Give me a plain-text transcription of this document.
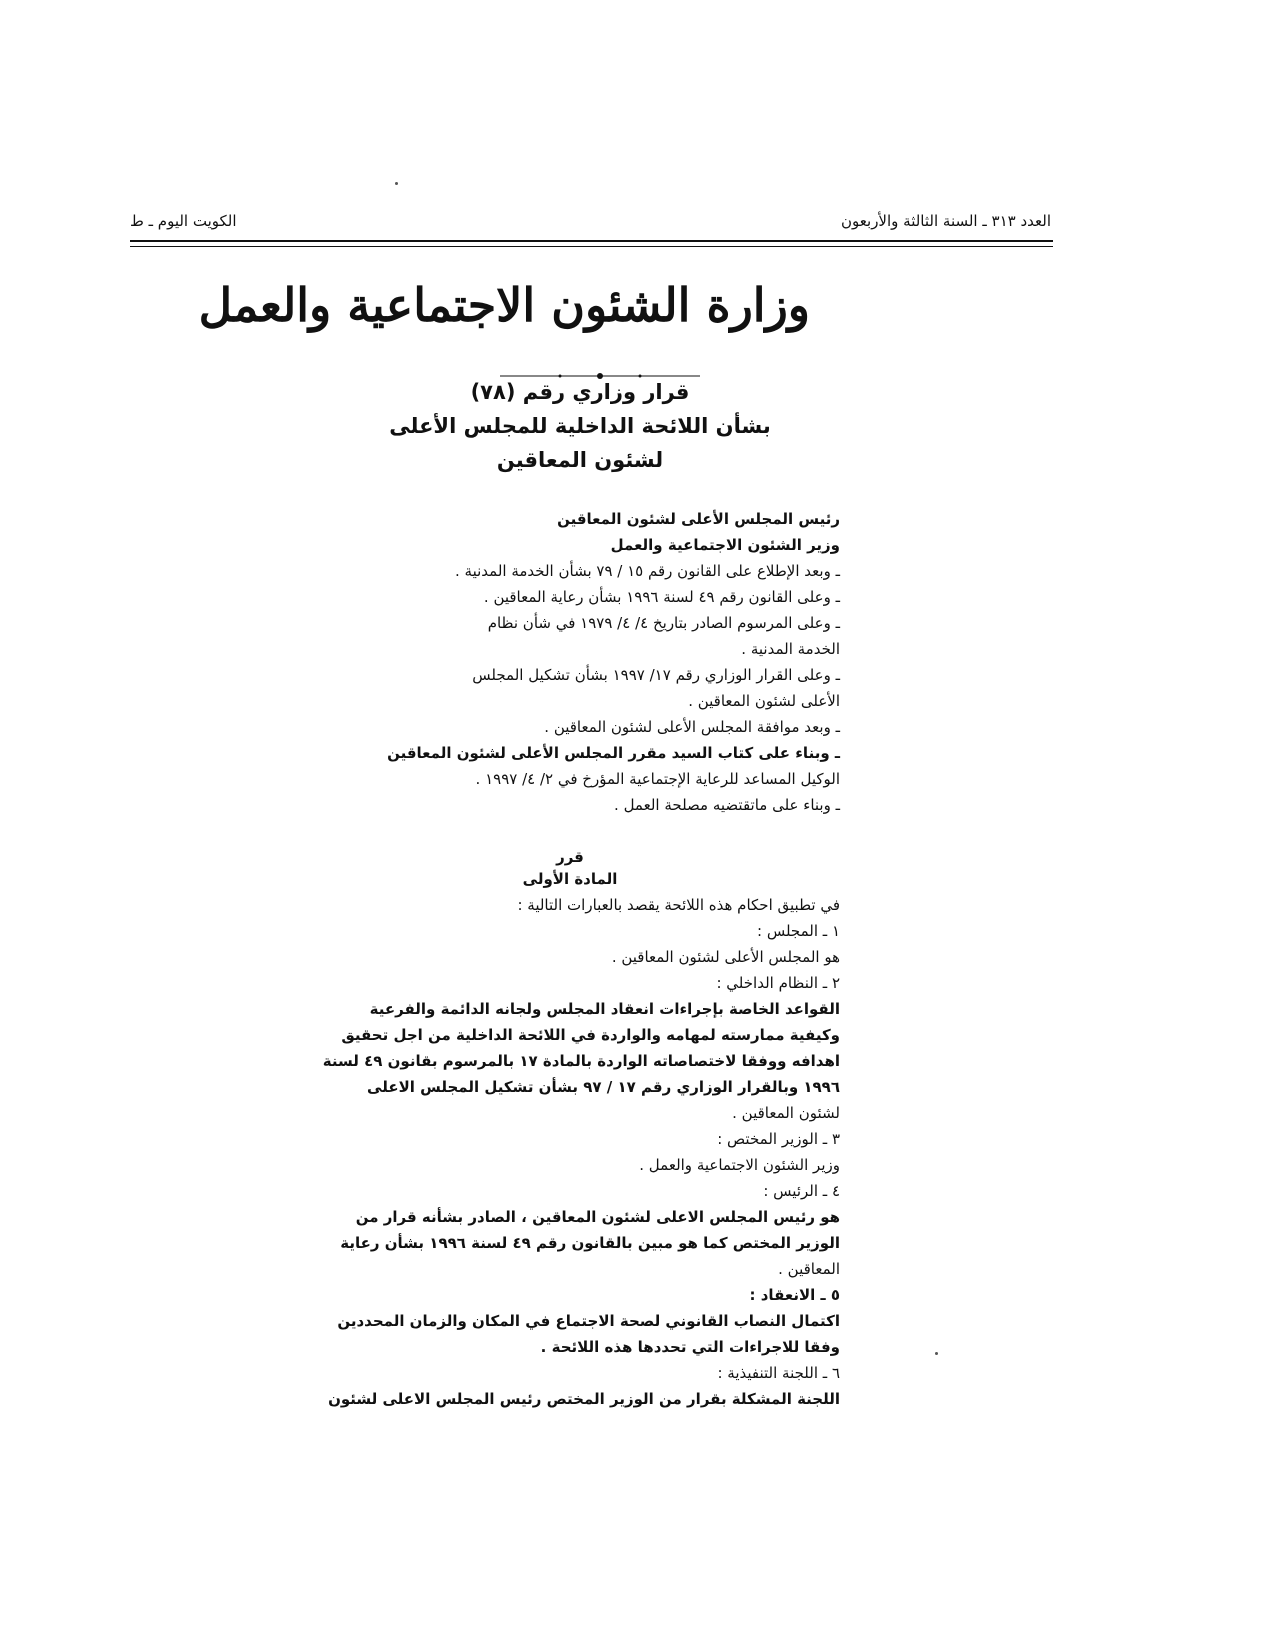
العدد ٣١٣ ـ السنة الثالثة والأربعون
الكويت اليوم ـ ط
وزارة الشئون الاجتماعية والعمل
قرار وزاري رقم (٧٨)
بشأن اللائحة الداخلية للمجلس الأعلى
لشئون المعاقين
رئيس المجلس الأعلى لشئون المعاقين
وزير الشئون الاجتماعية والعمل
ـ وبعد الإطلاع على القانون رقم ١٥ / ٧٩ بشأن الخدمة المدنية .
ـ وعلى القانون رقم ٤٩ لسنة ١٩٩٦ بشأن رعاية المعاقين .
ـ وعلى المرسوم الصادر بتاريخ ٤/ ٤/ ١٩٧٩ في شأن نظام
الخدمة المدنية .
ـ وعلى القرار الوزاري رقم ١٧/ ١٩٩٧ بشأن تشكيل المجلس
الأعلى لشئون المعاقين .
ـ وبعد موافقة المجلس الأعلى لشئون المعاقين .
ـ وبناء على كتاب السيد مقرر المجلس الأعلى لشئون المعاقين
الوكيل المساعد للرعاية الإجتماعية المؤرخ في ٢/ ٤/ ١٩٩٧ .
ـ وبناء على ماتقتضيه مصلحة العمل .
قرر
المادة الأولى
في تطبيق احكام هذه اللائحة يقصد بالعبارات التالية :
١ ـ المجلس :
هو المجلس الأعلى لشئون المعاقين .
٢ ـ النظام الداخلي :
القواعد الخاصة بإجراءات انعقاد المجلس ولجانه الدائمة والفرعية
وكيفية ممارسته لمهامه والواردة في اللائحة الداخلية من اجل تحقيق
اهدافه ووفقا لاختصاصاته الواردة بالمادة ١٧ بالمرسوم بقانون ٤٩ لسنة
١٩٩٦ وبالقرار الوزاري رقم ١٧ / ٩٧ بشأن تشكيل المجلس الاعلى
لشئون المعاقين .
٣ ـ الوزير المختص :
وزير الشئون الاجتماعية والعمل .
٤ ـ الرئيس :
هو رئيس المجلس الاعلى لشئون المعاقين ، الصادر بشأنه قرار من
الوزير المختص كما هو مبين بالقانون رقم ٤٩ لسنة ١٩٩٦ بشأن رعاية
المعاقين .
٥ ـ الانعقاد :
اكتمال النصاب القانوني لصحة الاجتماع في المكان والزمان المحددين
وفقا للاجراءات التي تحددها هذه اللائحة .
٦ ـ اللجنة التنفيذية :
اللجنة المشكلة بقرار من الوزير المختص رئيس المجلس الاعلى لشئون
